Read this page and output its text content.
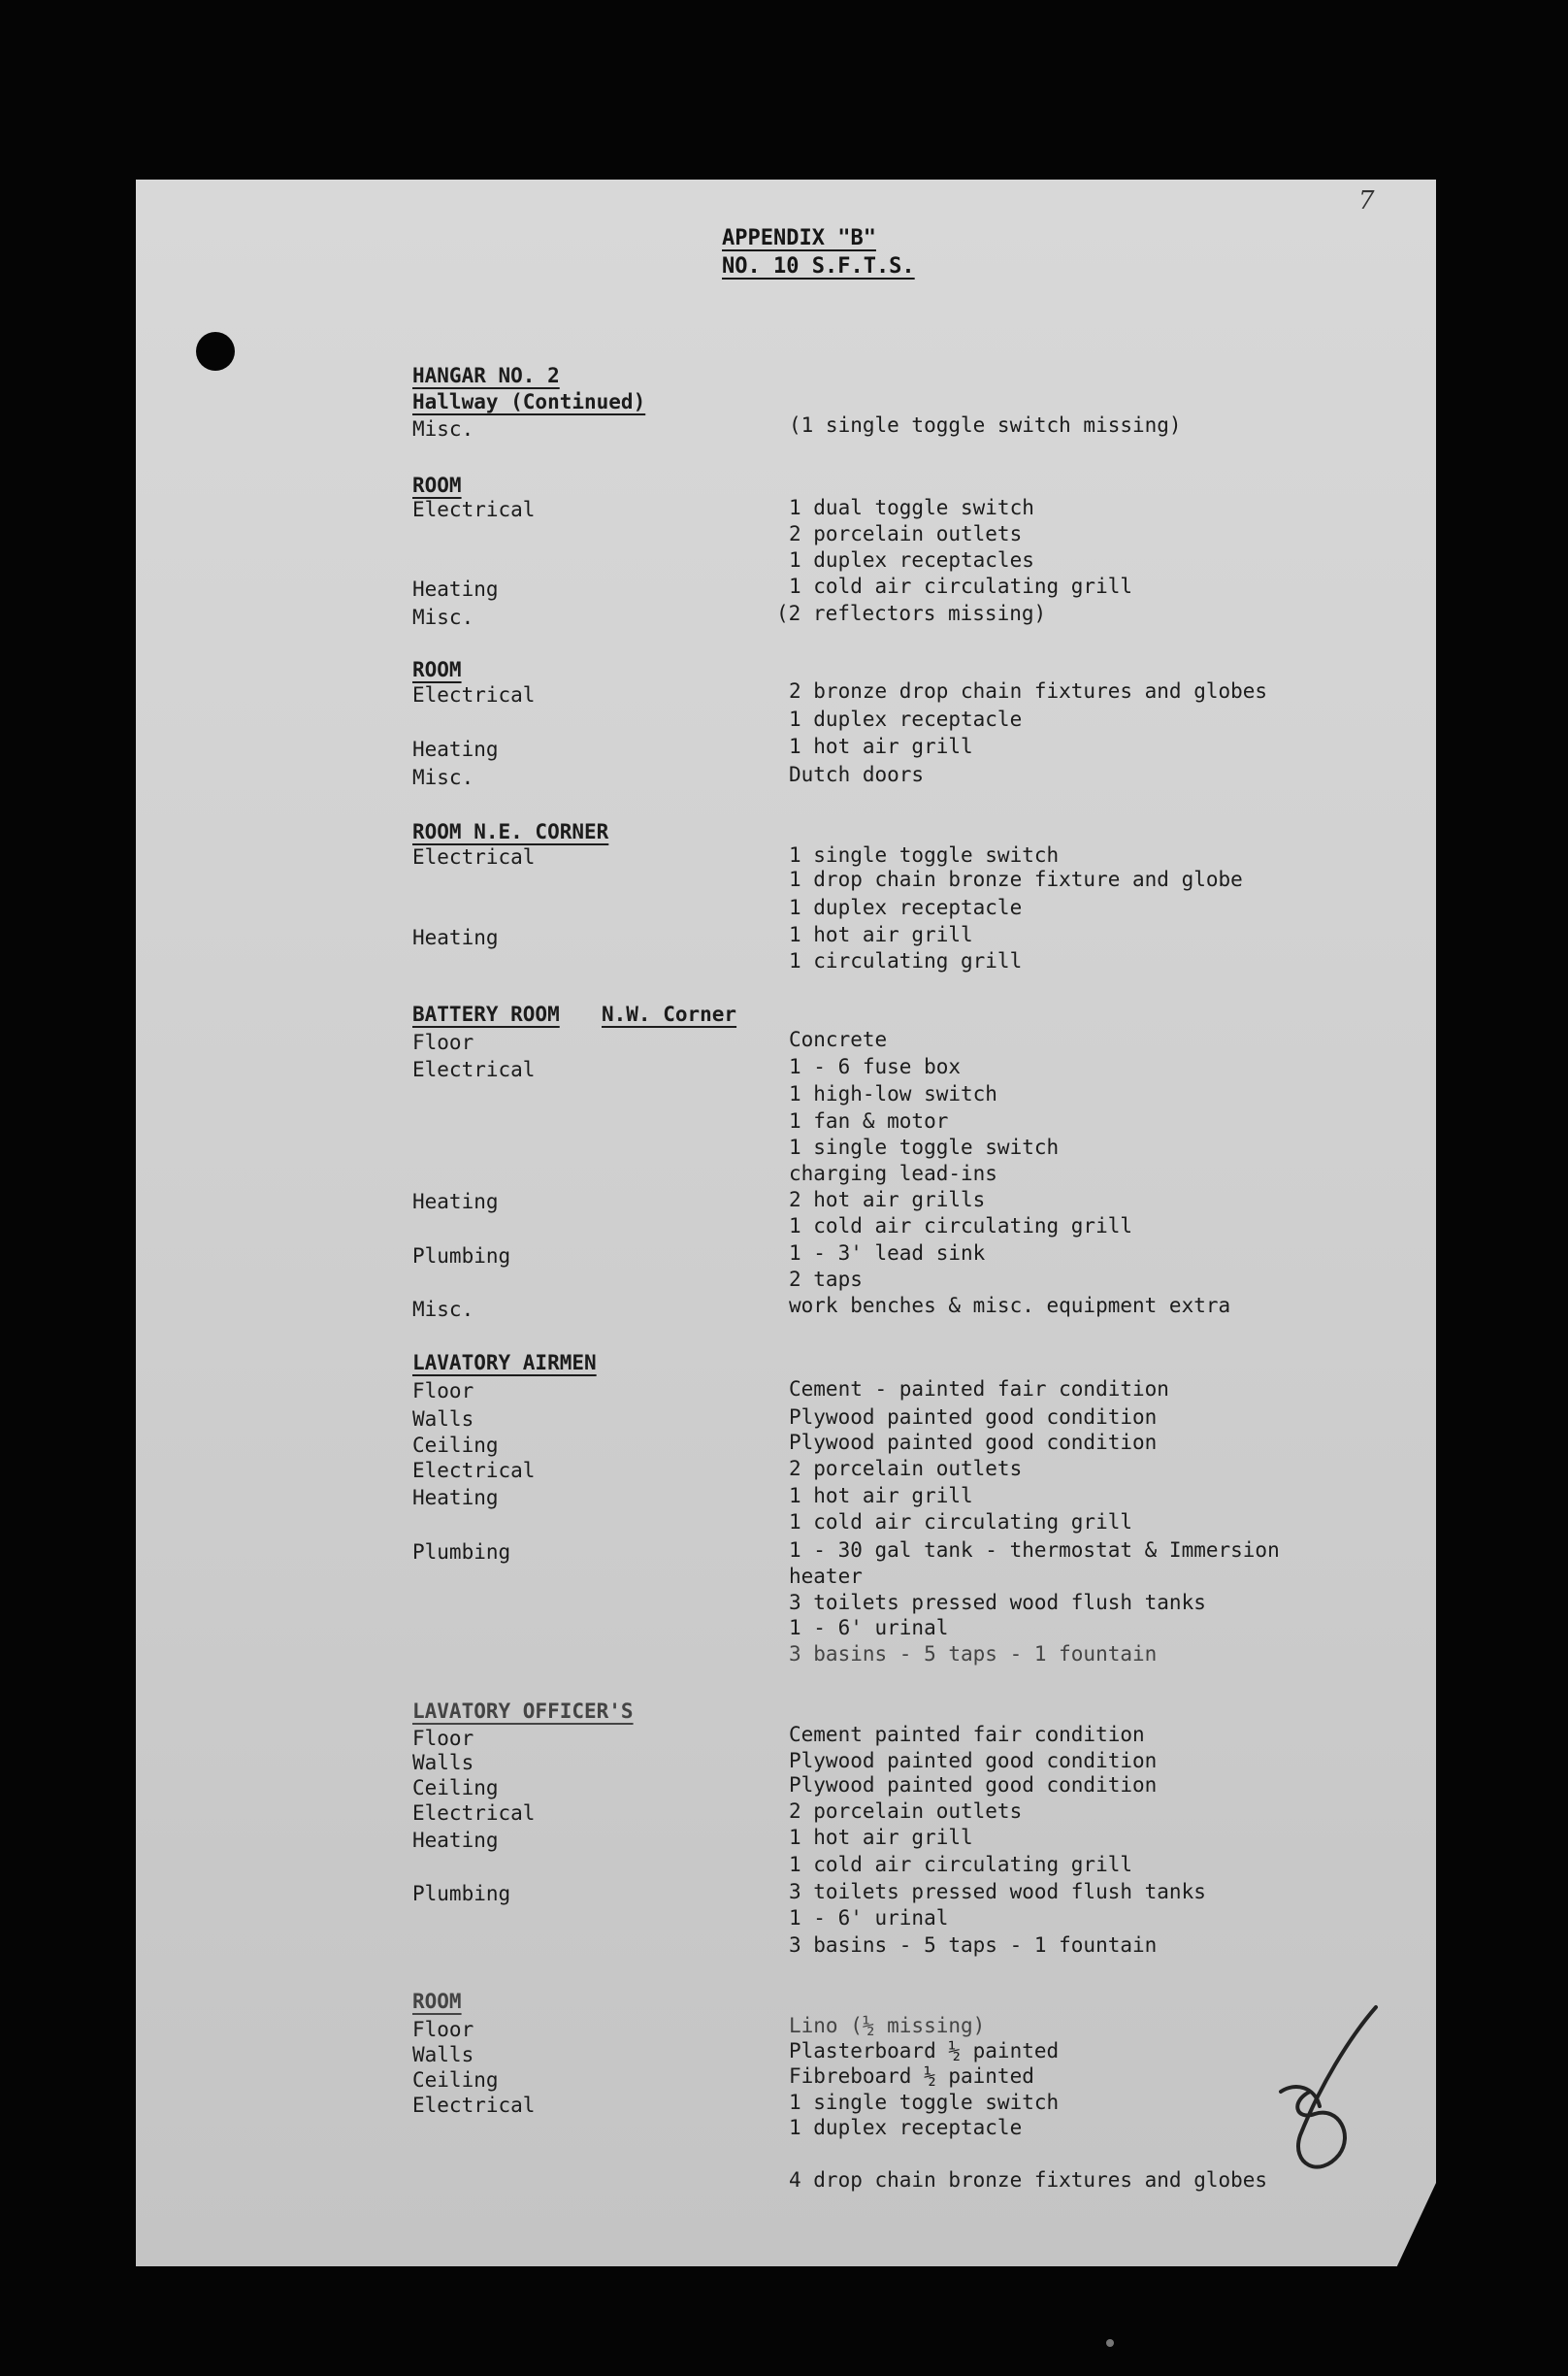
7
APPENDIX "B"
NO. 10 S.F.T.S.
HANGAR NO. 2
Hallway (Continued)
Misc.	(1 single toggle switch missing)
ROOM
Electrical	1 dual toggle switch
2 porcelain outlets
1 duplex receptacles
Heating	1 cold air circulating grill
Misc.	(2 reflectors missing)
ROOM
Electrical	2 bronze drop chain fixtures and globes
1 duplex receptacle
Heating	1 hot air grill
Misc.	Dutch doors
ROOM N.E. CORNER
Electrical	1 single toggle switch
1 drop chain bronze fixture and globe
1 duplex receptacle
Heating	1 hot air grill
1 circulating grill
BATTERY ROOM N.W. Corner
Floor	Concrete
Electrical	1 - 6 fuse box
1 high-low switch
1 fan & motor
1 single toggle switch
charging lead-ins
Heating	2 hot air grills
1 cold air circulating grill
Plumbing	1 - 3' lead sink
2 taps
Misc.	work benches & misc. equipment extra
LAVATORY AIRMEN
Floor	Cement - painted fair condition
Walls	Plywood painted good condition
Ceiling	Plywood painted good condition
Electrical	2 porcelain outlets
Heating	1 hot air grill
1 cold air circulating grill
Plumbing	1 - 30 gal tank - thermostat & Immersion
heater
3 toilets pressed wood flush tanks
1 - 6' urinal
3 basins - 5 taps - 1 fountain
LAVATORY OFFICER'S
Floor	Cement painted fair condition
Walls	Plywood painted good condition
Ceiling	Plywood painted good condition
Electrical	2 porcelain outlets
Heating	1 hot air grill
1 cold air circulating grill
Plumbing	3 toilets pressed wood flush tanks
1 - 6' urinal
3 basins - 5 taps - 1 fountain
ROOM
Floor	Lino (½ missing)
Walls	Plasterboard ½ painted
Ceiling	Fibreboard ½ painted
Electrical	1 single toggle switch
1 duplex receptacle
4 drop chain bronze fixtures and globes
